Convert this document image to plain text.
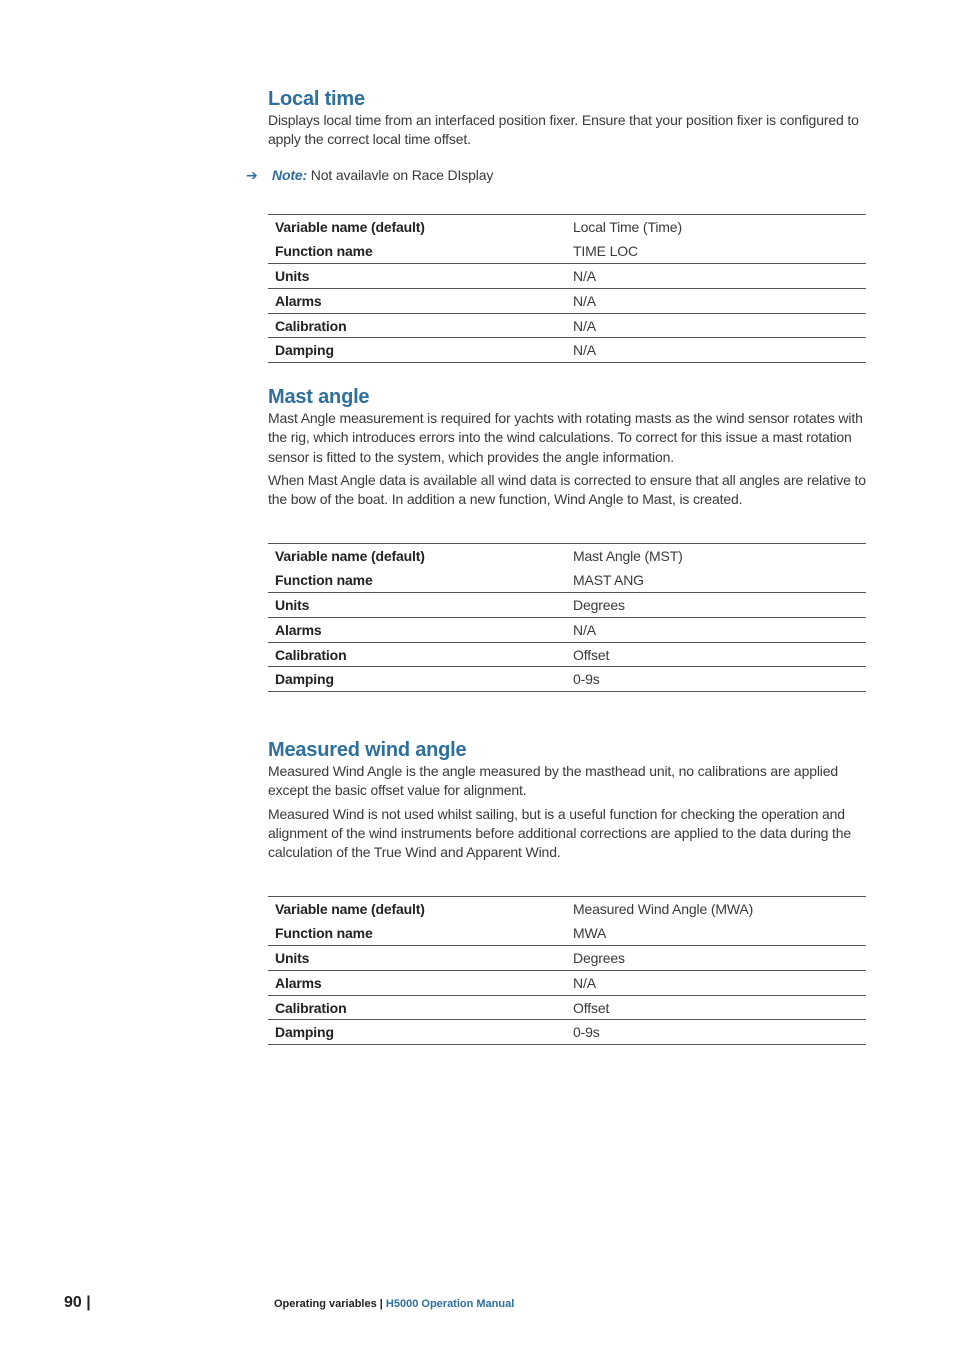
Local time

Displays local time from an interfaced position fixer. Ensure that your position fixer is configured to apply the correct local time offset.

➔ Note: Not availavle on Race DIsplay
Variable name (default)	Local Time (Time)
Function name	TIME LOC
Units	N/A
Alarms	N/A
Calibration	N/A
Damping	N/A
Mast angle

Mast Angle measurement is required for yachts with rotating masts as the wind sensor rotates with the rig, which introduces errors into the wind calculations. To correct for this issue a mast rotation sensor is fitted to the system, which provides the angle information.

When Mast Angle data is available all wind data is corrected to ensure that all angles are relative to the bow of the boat. In addition a new function, Wind Angle to Mast, is created.

Variable name (default)	Mast Angle (MST)
Function name	MAST ANG
Units	Degrees
Alarms	N/A
Calibration	Offset
Damping	0-9s
Measured wind angle

Measured Wind Angle is the angle measured by the masthead unit, no calibrations are applied except the basic offset value for alignment.

Measured Wind is not used whilst sailing, but is a useful function for checking the operation and alignment of the wind instruments before additional corrections are applied to the data during the calculation of the True Wind and Apparent Wind.

Variable name (default)	Measured Wind Angle (MWA)
Function name	MWA
Units	Degrees
Alarms	N/A
Calibration	Offset
Damping	0-9s
90 |	Operating variables | H5000 Operation Manual
